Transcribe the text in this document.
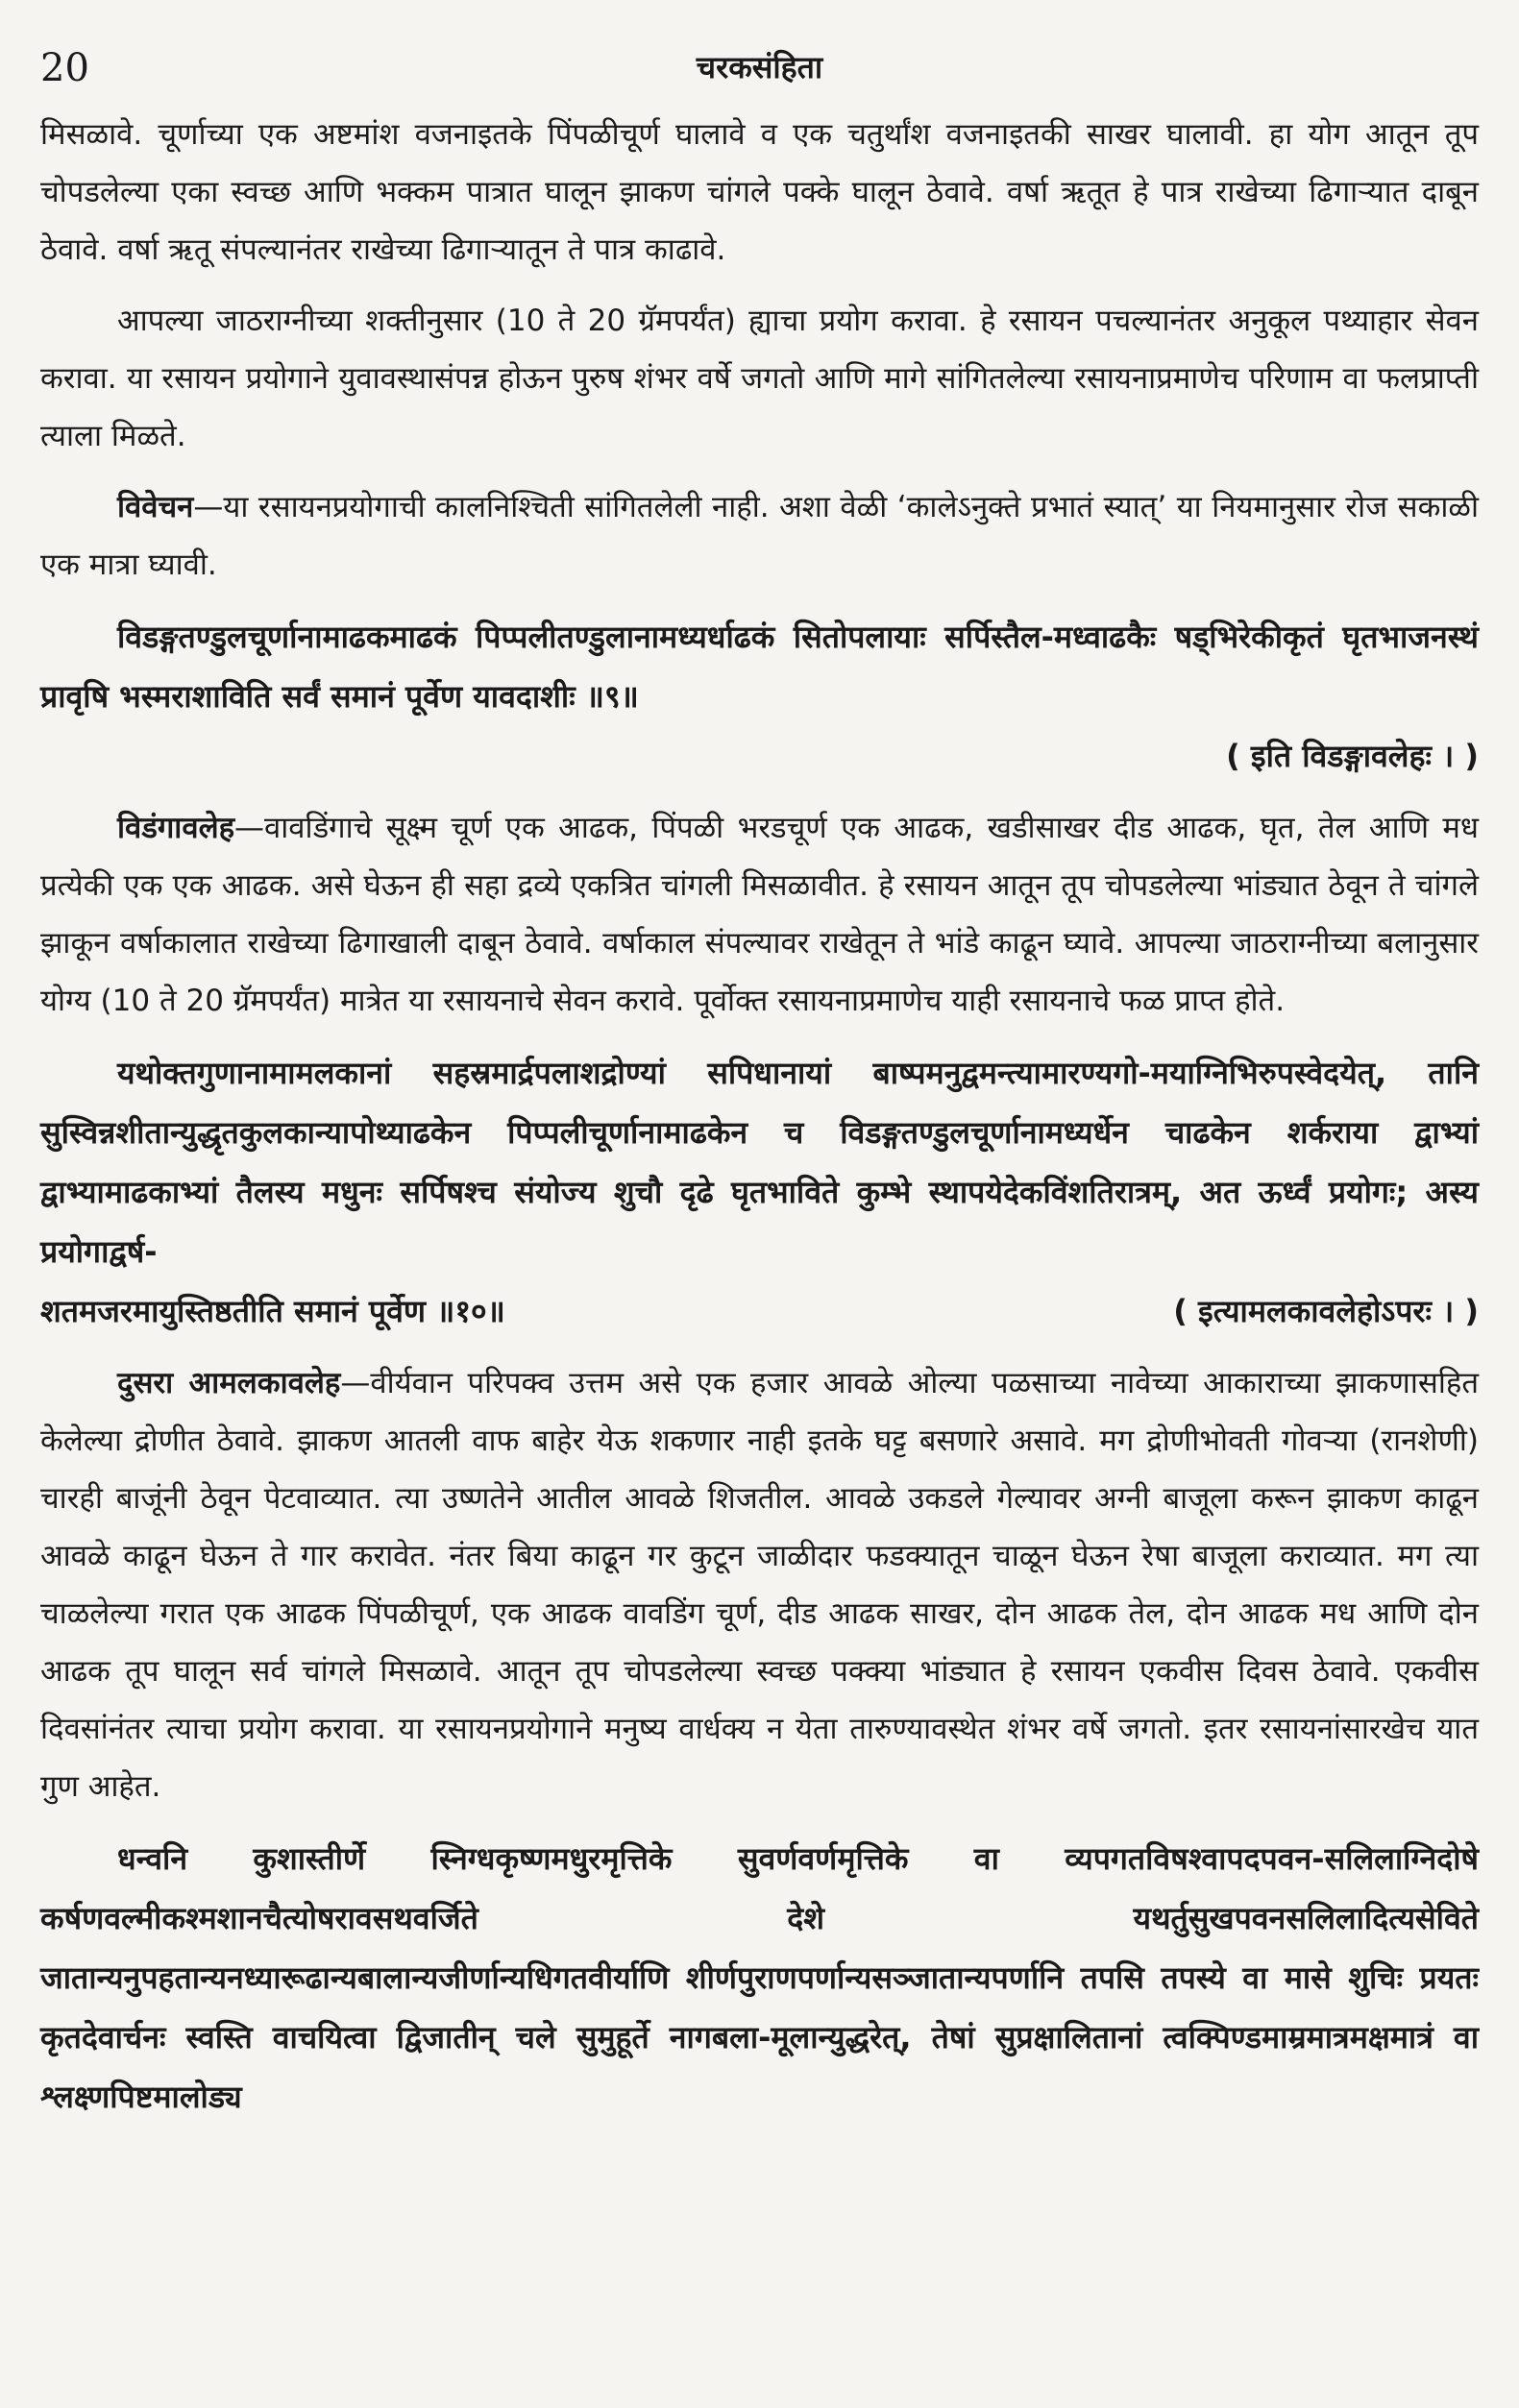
20	चरकसंहिता

मिसळावे. चूर्णाच्या एक अष्टमांश वजनाइतके पिंपळीचूर्ण घालावे व एक चतुर्थांश वजनाइतकी साखर घालावी. हा योग आतून तूप चोपडलेल्या एका स्वच्छ आणि भक्कम पात्रात घालून झाकण चांगले पक्के घालून ठेवावे. वर्षा ऋतूत हे पात्र राखेच्या ढिगाऱ्यात दाबून ठेवावे. वर्षा ऋतू संपल्यानंतर राखेच्या ढिगाऱ्यातून ते पात्र काढावे.

आपल्या जाठराग्नीच्या शक्तीनुसार (10 ते 20 ग्रॅमपर्यंत) ह्याचा प्रयोग करावा. हे रसायन पचल्यानंतर अनुकूल पथ्याहार सेवन करावा. या रसायन प्रयोगाने युवावस्थासंपन्न होऊन पुरुष शंभर वर्षे जगतो आणि मागे सांगितलेल्या रसायनाप्रमाणेच परिणाम वा फलप्राप्ती त्याला मिळते.

विवेचन—या रसायनप्रयोगाची कालनिश्चिती सांगितलेली नाही. अशा वेळी ‘कालेऽनुक्ते प्रभातं स्यात्’ या नियमानुसार रोज सकाळी एक मात्रा घ्यावी.

विडङ्गतण्डुलचूर्णानामाढकमाढकं पिप्पलीतण्डुलानामध्यर्धाढकं सितोपलायाः सर्पिस्तैल-मध्वाढकैः षड्भिरेकीकृतं घृतभाजनस्थं प्रावृषि भस्मराशाविति सर्वं समानं पूर्वेण यावदाशीः ॥९॥

( इति विडङ्गावलेहः । )

विडंगावलेह—वावडिंगाचे सूक्ष्म चूर्ण एक आढक, पिंपळी भरडचूर्ण एक आढक, खडीसाखर दीड आढक, घृत, तेल आणि मध प्रत्येकी एक एक आढक. असे घेऊन ही सहा द्रव्ये एकत्रित चांगली मिसळावीत. हे रसायन आतून तूप चोपडलेल्या भांड्यात ठेवून ते चांगले झाकून वर्षाकालात राखेच्या ढिगाखाली दाबून ठेवावे. वर्षाकाल संपल्यावर राखेतून ते भांडे काढून घ्यावे. आपल्या जाठराग्नीच्या बलानुसार योग्य (10 ते 20 ग्रॅमपर्यंत) मात्रेत या रसायनाचे सेवन करावे. पूर्वोक्त रसायनाप्रमाणेच याही रसायनाचे फळ प्राप्त होते.

यथोक्तगुणानामामलकानां सहस्रमार्द्रपलाशद्रोण्यां सपिधानायां बाष्पमनुद्वमन्त्यामारण्यगो-मयाग्निभिरुपस्वेदयेत्, तानि सुस्विन्नशीतान्युद्धृतकुलकान्यापोथ्याढकेन पिप्पलीचूर्णानामाढकेन च विडङ्गतण्डुलचूर्णानामध्यर्धेन चाढकेन शर्कराया द्वाभ्यां द्वाभ्यामाढकाभ्यां तैलस्य मधुनः सर्पिषश्च संयोज्य शुचौ दृढे घृतभाविते कुम्भे स्थापयेदेकविंशतिरात्रम्, अत ऊर्ध्वं प्रयोगः; अस्य प्रयोगाद्वर्ष-

शतमजरमायुस्तिष्ठतीति समानं पूर्वेण ॥१०॥	( इत्यामलकावलेहोऽपरः । )

दुसरा आमलकावलेह—वीर्यवान परिपक्व उत्तम असे एक हजार आवळे ओल्या पळसाच्या नावेच्या आकाराच्या झाकणासहित केलेल्या द्रोणीत ठेवावे. झाकण आतली वाफ बाहेर येऊ शकणार नाही इतके घट्ट बसणारे असावे. मग द्रोणीभोवती गोवऱ्या (रानशेणी) चारही बाजूंनी ठेवून पेटवाव्यात. त्या उष्णतेने आतील आवळे शिजतील. आवळे उकडले गेल्यावर अग्नी बाजूला करून झाकण काढून आवळे काढून घेऊन ते गार करावेत. नंतर बिया काढून गर कुटून जाळीदार फडक्यातून चाळून घेऊन रेषा बाजूला कराव्यात. मग त्या चाळलेल्या गरात एक आढक पिंपळीचूर्ण, एक आढक वावडिंग चूर्ण, दीड आढक साखर, दोन आढक तेल, दोन आढक मध आणि दोन आढक तूप घालून सर्व चांगले मिसळावे. आतून तूप चोपडलेल्या स्वच्छ पक्क्या भांड्यात हे रसायन एकवीस दिवस ठेवावे. एकवीस दिवसांनंतर त्याचा प्रयोग करावा. या रसायनप्रयोगाने मनुष्य वार्धक्य न येता तारुण्यावस्थेत शंभर वर्षे जगतो. इतर रसायनांसारखेच यात गुण आहेत.

धन्वनि कुशास्तीर्णे स्निग्धकृष्णमधुरमृत्तिके सुवर्णवर्णमृत्तिके वा व्यपगतविषश्वापदपवन-सलिलाग्निदोषे कर्षणवल्मीकश्मशानचैत्योषरावसथवर्जिते देशे यथर्तुसुखपवनसलिलादित्यसेविते जातान्यनुपहतान्यनध्यारूढान्यबालान्यजीर्णान्यधिगतवीर्याणि शीर्णपुराणपर्णान्यसञ्जातान्यपर्णानि तपसि तपस्ये वा मासे शुचिः प्रयतः कृतदेवार्चनः स्वस्ति वाचयित्वा द्विजातीन् चले सुमुहूर्ते नागबला-मूलान्युद्धरेत्, तेषां सुप्रक्षालितानां त्वक्पिण्डमाम्रमात्रमक्षमात्रं वा श्लक्ष्णपिष्टमालोड्य
